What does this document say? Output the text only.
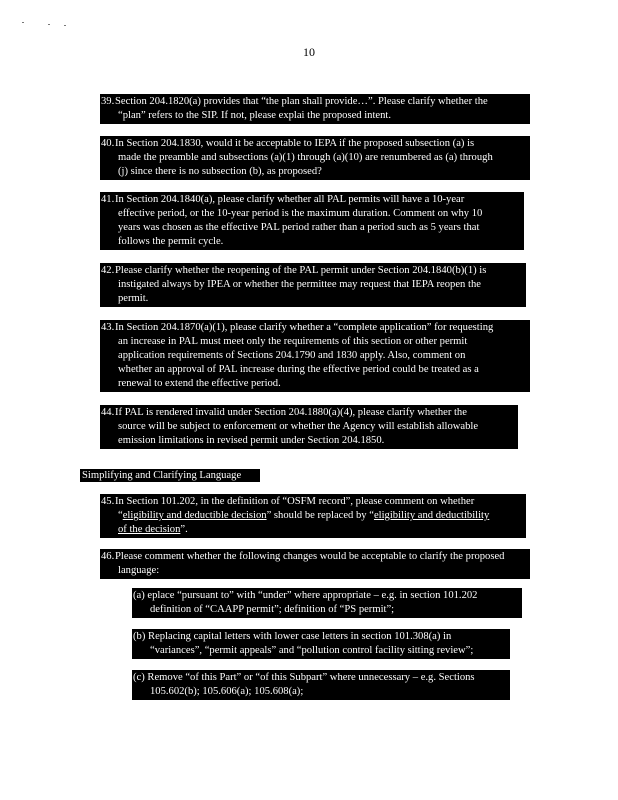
10
39.Section 204.1820(a) provides that “the plan shall provide…”. Please clarify whether the
“plan” refers to the SIP. If not, please explai the proposed intent.
40.In Section 204.1830, would it be acceptable to IEPA if the proposed subsection (a) is
made the preamble and subsections (a)(1) through (a)(10) are renumbered as (a) through
(j) since there is no subsection (b), as proposed?
41.In Section 204.1840(a), please clarify whether all PAL permits will have a 10-year
effective period, or the 10-year period is the maximum duration. Comment on why 10
years was chosen as the effective PAL period rather than a period such as 5 years that
follows the permit cycle.
42.Please clarify whether the reopening of the PAL permit under Section 204.1840(b)(1) is
instigated always by IPEA or whether the permittee may request that IEPA reopen the
permit.
43.In Section 204.1870(a)(1), please clarify whether a “complete application” for requesting
an increase in PAL must meet only the requirements of this section or other permit
application requirements of Sections 204.1790 and 1830 apply. Also, comment on
whether an approval of PAL increase during the effective period could be treated as a
renewal to extend the effective period.
44.If PAL is rendered invalid under Section 204.1880(a)(4), please clarify whether the
source will be subject to enforcement or whether the Agency will establish allowable
emission limitations in revised permit under Section 204.1850.
Simplifying and Clarifying Language
45.In Section 101.202, in the definition of “OSFM record”, please comment on whether
“eligibility and deductible decision” should be replaced by “eligibility and deductibility
of the decision”.
46.Please comment whether the following changes would be acceptable to clarify the proposed
language:
(a) eplace “pursuant to” with “under” where appropriate – e.g. in section 101.202
definition of “CAAPP permit”; definition of “PS permit”;
(b) Replacing capital letters with lower case letters in section 101.308(a) in
“variances”, “permit appeals” and “pollution control facility sitting review”;
(c) Remove “of this Part” or “of this Subpart” where unnecessary – e.g. Sections
105.602(b); 105.606(a); 105.608(a);
